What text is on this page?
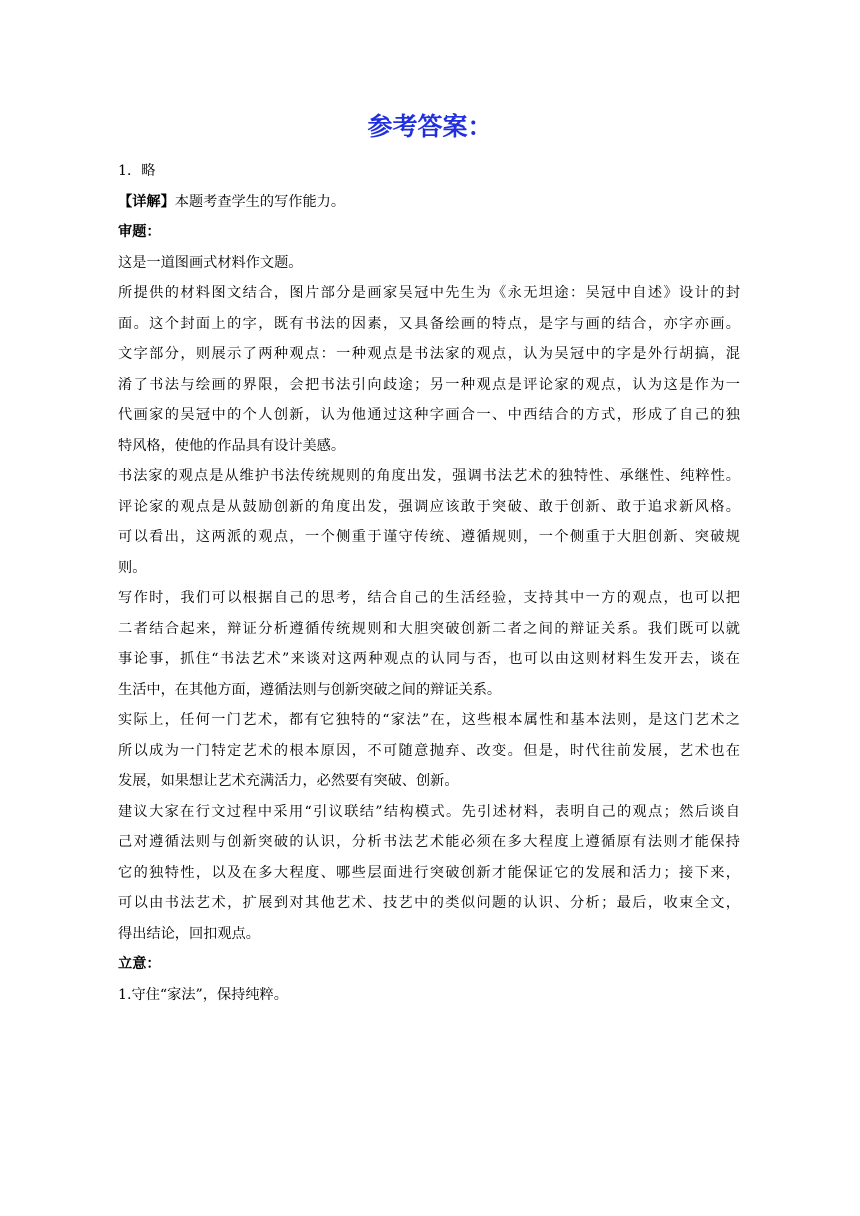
参考答案：
1．略
【详解】本题考查学生的写作能力。
审题：
这是一道图画式材料作文题。
所提供的材料图文结合，图片部分是画家吴冠中先生为《永无坦途：吴冠中自述》设计的封
面。这个封面上的字，既有书法的因素，又具备绘画的特点，是字与画的结合，亦字亦画。
文字部分，则展示了两种观点：一种观点是书法家的观点，认为吴冠中的字是外行胡搞，混
淆了书法与绘画的界限，会把书法引向歧途；另一种观点是评论家的观点，认为这是作为一
代画家的吴冠中的个人创新，认为他通过这种字画合一、中西结合的方式，形成了自己的独
特风格，使他的作品具有设计美感。
书法家的观点是从维护书法传统规则的角度出发，强调书法艺术的独特性、承继性、纯粹性。
评论家的观点是从鼓励创新的角度出发，强调应该敢于突破、敢于创新、敢于追求新风格。
可以看出，这两派的观点，一个侧重于谨守传统、遵循规则，一个侧重于大胆创新、突破规
则。
写作时，我们可以根据自己的思考，结合自己的生活经验，支持其中一方的观点，也可以把
二者结合起来，辩证分析遵循传统规则和大胆突破创新二者之间的辩证关系。我们既可以就
事论事，抓住“书法艺术”来谈对这两种观点的认同与否，也可以由这则材料生发开去，谈在
生活中，在其他方面，遵循法则与创新突破之间的辩证关系。
实际上，任何一门艺术，都有它独特的“家法”在，这些根本属性和基本法则，是这门艺术之
所以成为一门特定艺术的根本原因，不可随意抛弃、改变。但是，时代往前发展，艺术也在
发展，如果想让艺术充满活力，必然要有突破、创新。
建议大家在行文过程中采用“引议联结”结构模式。先引述材料，表明自己的观点；然后谈自
己对遵循法则与创新突破的认识，分析书法艺术能必须在多大程度上遵循原有法则才能保持
它的独特性，以及在多大程度、哪些层面进行突破创新才能保证它的发展和活力；接下来，
可以由书法艺术，扩展到对其他艺术、技艺中的类似问题的认识、分析；最后，收束全文，
得出结论，回扣观点。
立意：
1.守住“家法”，保持纯粹。
